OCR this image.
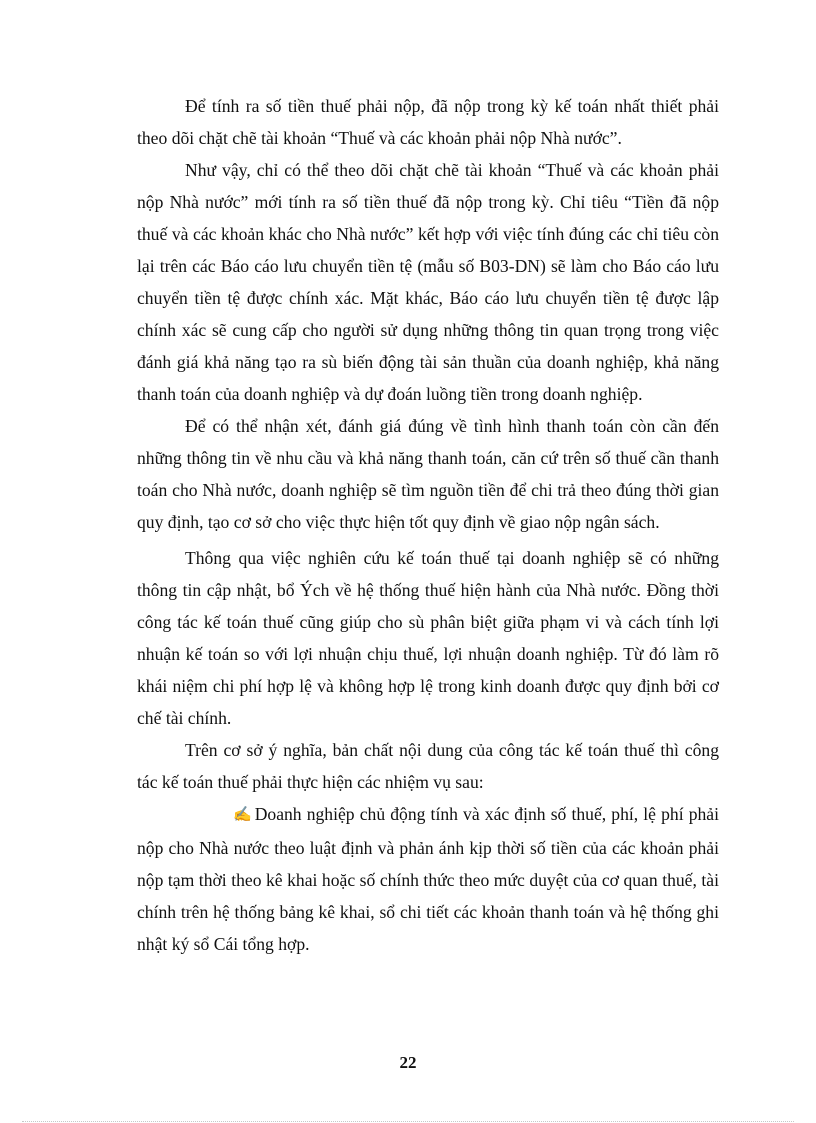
Để tính ra số tiền thuế phải nộp, đã nộp trong kỳ kế toán nhất thiết phải theo dõi chặt chẽ tài khoản “Thuế và các khoản phải nộp Nhà nước”.

Như vậy, chỉ có thể theo dõi chặt chẽ tài khoản “Thuế và các khoản phải nộp Nhà nước” mới tính ra số tiền thuế đã nộp trong kỳ. Chỉ tiêu “Tiền đã nộp thuế và các khoản khác cho Nhà nước” kết hợp với việc tính đúng các chỉ tiêu còn lại trên các Báo cáo lưu chuyển tiền tệ (mẫu số B03-DN) sẽ làm cho Báo cáo lưu chuyển tiền tệ được chính xác. Mặt khác, Báo cáo lưu chuyển tiền tệ được lập chính xác sẽ cung cấp cho người sử dụng những thông tin quan trọng trong việc đánh giá khả năng tạo ra sù biến động tài sản thuần của doanh nghiệp, khả năng thanh toán của doanh nghiệp và dự đoán luồng tiền trong doanh nghiệp.

Để có thể nhận xét, đánh giá đúng về tình hình thanh toán còn cần đến những thông tin về nhu cầu và khả năng thanh toán, căn cứ trên số thuế cần thanh toán cho Nhà nước, doanh nghiệp sẽ tìm nguồn tiền để chi trả theo đúng thời gian quy định, tạo cơ sở cho việc thực hiện tốt quy định về giao nộp ngân sách.

Thông qua việc nghiên cứu kế toán thuế tại doanh nghiệp sẽ có những thông tin cập nhật, bổ Ých về hệ thống thuế hiện hành của Nhà nước. Đồng thời công tác kế toán thuế cũng giúp cho sù phân biệt giữa phạm vi và cách tính lợi nhuận kế toán so với lợi nhuận chịu thuế, lợi nhuận doanh nghiệp. Từ đó làm rõ khái niệm chi phí hợp lệ và không hợp lệ trong kinh doanh được quy định bởi cơ chế tài chính.

Trên cơ sở ý nghĩa, bản chất nội dung của công tác kế toán thuế thì công tác kế toán thuế phải thực hiện các nhiệm vụ sau:

✍ Doanh nghiệp chủ động tính và xác định số thuế, phí, lệ phí phải nộp cho Nhà nước theo luật định và phản ánh kịp thời số tiền của các khoản phải nộp tạm thời theo kê khai hoặc số chính thức theo mức duyệt của cơ quan thuế, tài chính trên hệ thống bảng kê khai, sổ chi tiết các khoản thanh toán và hệ thống ghi nhật ký sổ Cái tổng hợp.

22
